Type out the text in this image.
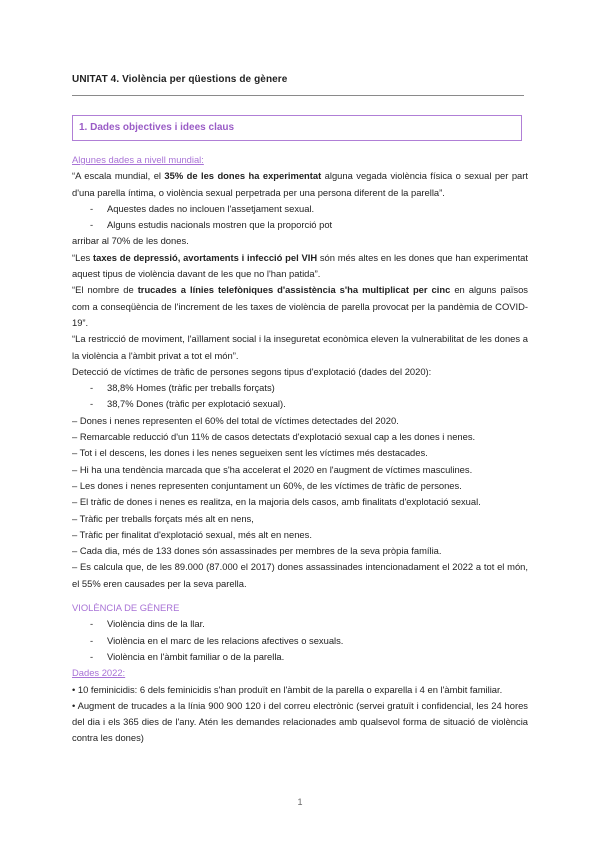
UNITAT 4. Violència per qüestions de gènere
1. Dades objectives i idees claus

Algunes dades a nivell mundial:

“A escala mundial, el 35% de les dones ha experimentat alguna vegada violència física o sexual per part d'una parella íntima, o violència sexual perpetrada per una persona diferent de la parella”.

- Aquestes dades no inclouen l'assetjament sexual.

- Alguns estudis nacionals mostren que la proporció pot

arribar al 70% de les dones.

“Les taxes de depressió, avortaments i infecció pel VIH són més altes en les dones que han experimentat aquest tipus de violència davant de les que no l'han patida”.

“El nombre de trucades a línies telefòniques d'assistència s'ha multiplicat per cinc en alguns països com a conseqüència de l'increment de les taxes de violència de parella provocat per la pandèmia de COVID-19”.

“La restricció de moviment, l'aïllament social i la inseguretat econòmica eleven la vulnerabilitat de les dones a la violència a l'àmbit privat a tot el món”.

Detecció de víctimes de tràfic de persones segons tipus d'explotació (dades del 2020):

- 38,8% Homes (tràfic per treballs forçats)

- 38,7% Dones (tràfic per explotació sexual).

– Dones i nenes representen el 60% del total de víctimes detectades del 2020.

– Remarcable reducció d'un 11% de casos detectats d'explotació sexual cap a les dones i nenes.

– Tot i el descens, les dones i les nenes segueixen sent les víctimes més destacades.

– Hi ha una tendència marcada que s'ha accelerat el 2020 en l'augment de víctimes masculines.

– Les dones i nenes representen conjuntament un 60%, de les víctimes de tràfic de persones.

– El tràfic de dones i nenes es realitza, en la majoria dels casos, amb finalitats d'explotació sexual.

– Tràfic per treballs forçats més alt en nens,

– Tràfic per finalitat d'explotació sexual, més alt en nenes.

– Cada dia, més de 133 dones són assassinades per membres de la seva pròpia família.

– Es calcula que, de les 89.000 (87.000 el 2017) dones assassinades intencionadament el 2022 a tot el món, el 55% eren causades per la seva parella.

VIOLÈNCIA DE GÈNERE

- Violència dins de la llar.

- Violència en el marc de les relacions afectives o sexuals.

- Violència en l'àmbit familiar o de la parella.

Dades 2022:

• 10 feminicidis: 6 dels feminicidis s'han produït en l'àmbit de la parella o exparella i 4 en l'àmbit familiar.

• Augment de trucades a la línia 900 900 120 i del correu electrònic (servei gratuït i confidencial, les 24 hores del dia i els 365 dies de l'any. Atén les demandes relacionades amb qualsevol forma de situació de violència contra les dones)

1
